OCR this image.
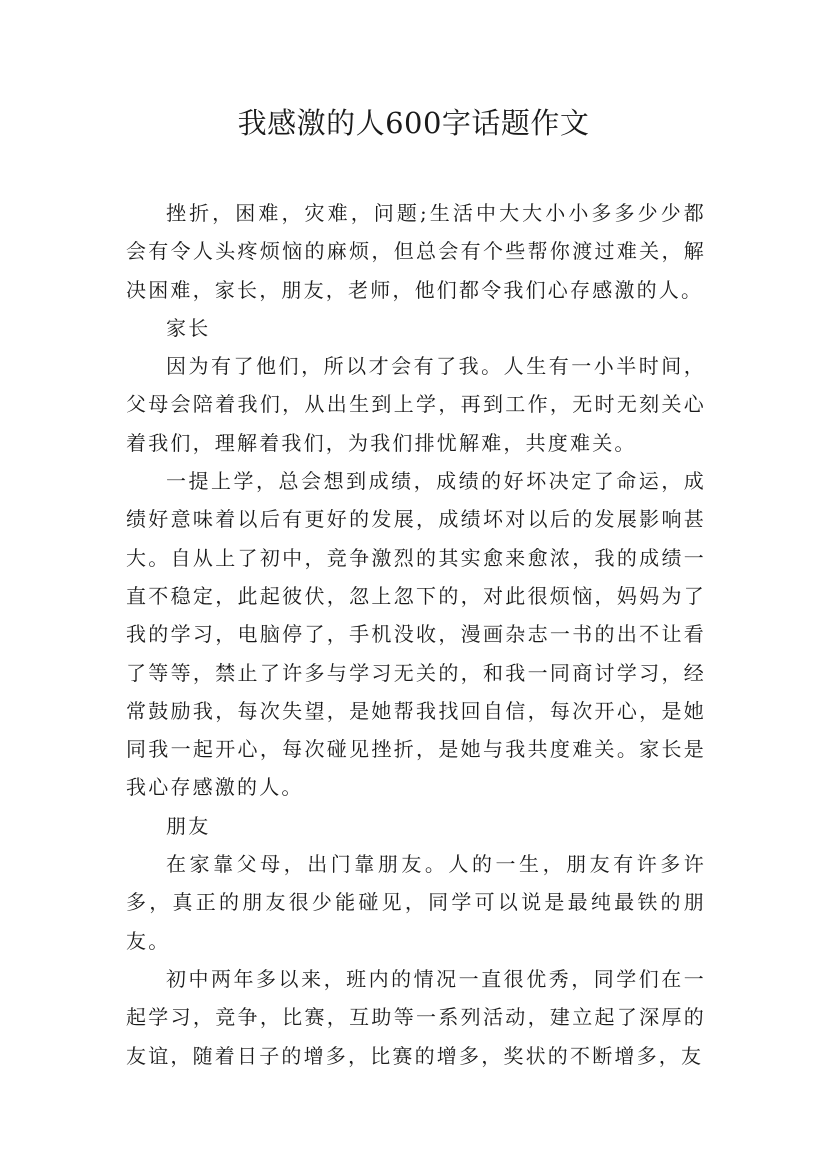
我感激的人600字话题作文

挫折，困难，灾难，问题;生活中大大小小多多少少都会有令人头疼烦恼的麻烦，但总会有个些帮你渡过难关，解决困难，家长，朋友，老师，他们都令我们心存感激的人。

家长

因为有了他们，所以才会有了我。人生有一小半时间，父母会陪着我们，从出生到上学，再到工作，无时无刻关心着我们，理解着我们，为我们排忧解难，共度难关。

一提上学，总会想到成绩，成绩的好坏决定了命运，成绩好意味着以后有更好的发展，成绩坏对以后的发展影响甚大。自从上了初中，竞争激烈的其实愈来愈浓，我的成绩一直不稳定，此起彼伏，忽上忽下的，对此很烦恼，妈妈为了我的学习，电脑停了，手机没收，漫画杂志一书的出不让看了等等，禁止了许多与学习无关的，和我一同商讨学习，经常鼓励我，每次失望，是她帮我找回自信，每次开心，是她同我一起开心，每次碰见挫折，是她与我共度难关。家长是我心存感激的人。

朋友

在家靠父母，出门靠朋友。人的一生，朋友有许多许多，真正的朋友很少能碰见，同学可以说是最纯最铁的朋友。

初中两年多以来，班内的情况一直很优秀，同学们在一起学习，竞争，比赛，互助等一系列活动，建立起了深厚的友谊，随着日子的增多，比赛的增多，奖状的不断增多，友
